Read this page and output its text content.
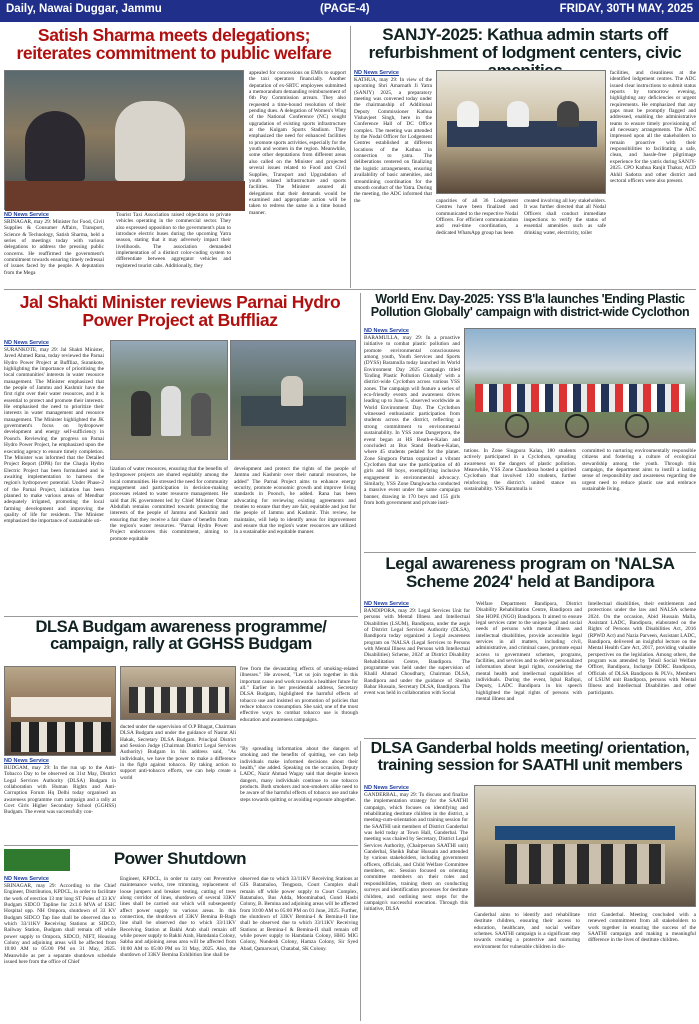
Daily, Nawai Duggar, Jammu	(PAGE-4)	FRIDAY, 30TH MAY, 2025
Satish Sharma meets delegations; reiterates commitment to public welfare
ND News Service
SRINAGAR, may 29: Minister for Food, Civil Supplies & Consumer Affairs, Transport, Science & Technology, Satish Sharma, held a series of meetings today with various delegations to address the pressing public concerns. He reaffirmed the government's commitment towards ensuring timely redressal of issues faced by the people. A deputation from the Mega
Tourist Taxi Association raised objections to private vehicles operating in the commercial sector. They also expressed opposition to the government's plan to introduce electric buses during the upcoming Yatra season, stating that it may adversely impact their livelihoods. The association demanded implementation of a distinct color-coding system to differentiate between aggregator vehicles and registered tourist cabs. Additionally, they
appealed for concessions on EMIs to support the taxi operators financially. Another deputation of ex-SRTC employees submitted a memorandum demanding reimbursement of 6th Pay Commission arrears. They also requested a time-bound resolution of their pending dues. A delegation of Women's Wing of the National Conference (NC) sought upgradation of existing sports infrastructure at the Kulgam Sports Stadium. They emphasized the need for enhanced facilities to promote sports activities, especially for the youth and women in the region. Meanwhile, some other deputations from different areas also called on the Minister and projected several issues related to Food and Civil Supplies, Transport and Upgradation of youth related infrastructure and sports facilities. The Minister assured all delegations that their demands would be examined and appropriate action will be taken to redress the same in a time bound manner.
SANJY-2025: Kathua admin starts off refurbishment of lodgment centers, civic
ND News Service
KATHUA, may 29: In view of the upcoming Shri Amarnath Ji Yatra (SANJY) 2025, a preparatory meeting was convened today under the chairmanship of Additional Deputy Commissioner Kathua Vishavjeet Singh, here in the Conference Hall of DC Office complex. The meeting was attended by the Nodal Officer for Lodgement Centres established at different locations of the Kathua in connection to yatra. The deliberations centered on finalizing the logistic arrangements, ensuring availability of basic amenities, and streamlining coordination for the smooth conduct of the Yatra. During the meeting, the ADC informed that the	capacities of all 36 Lodgement Centres have been finalized and communicated to the respective Nodal Officers. For efficient communication and real-time coordination, a dedicated WhatsApp group has been
created involving all key stakeholders. It was further directed that all Nodal Officers shall conduct immediate inspections to verify the status of essential amenities such as safe drinking water, electricity, toilet
facilities, and cleanliness at the identified lodgement centres. The ADC issued clear instructions to submit status reports by tomorrow evening, highlighting any deficiencies or urgent requirements. He emphasized that any gaps must be promptly flagged and addressed, enabling the administrative teams to ensure timely provisioning of all necessary arrangements. The ADC impressed upon all the stakeholders to remain proactive with their responsibilities to facilitating a safe, clean, and hassle-free pilgrimage experience for the yatris during SANJY-2025. CPO Kathua Ranjit Thakur, ACD Akhil Sadotra and other district and sectoral officers were also present.
Jal Shakti Minister reviews Parnai Hydro Power Project at Buffliaz
ND News Service
SURANKOTE, may 29: Jal Shakti Minister, Javed Ahmed Rana, today reviewed the Parnai Hydro Power Project at Buffliaz, Surankote, highlighting the importance of prioritising the local communities' interests in water resource management. The Minister emphasized that the people of Jammu and Kashmir have the first right over their water resources, and it is essential to protect and promote their interests. He emphasised the need to prioritize their interests in water management and resource management. The Minister highlighted the JK government's focus on hydropower development and energy self-sufficiency in Poonch. Reviewing the progress on Parnai Hydro Power Project, he emphasized upon the executing agency to ensure timely completion. The Minister was informed that the Detailed Project Report (DPR) for the Chaqla Hydro Electric Project has been formulated and is awaiting implementation to harness the region's hydropower potential. Under Phase-2 of the Parnai Project, initiation has been planned to make various areas of Mendhar adequately irrigated, promoting the local farming development and improving the quality of life for residents. The Minister emphasized the importance of sustainable uti-
lization of water resources, ensuring that the benefits of hydropower projects are shared equitably among the local communities. He stressed the need for community engagement and participation in decision-making processes related to water resource management. He said that JK government led by Chief Minister Omar Abdullah remains committed towards protecting the interests of the people of Jammu and Kashmir and ensuring that they receive a fair share of benefits from the region's water resources. "Parnai Hydro Power Project underscores this commitment, aiming to promote equitable
development and protect the rights of the people of Jammu and Kashmir over their natural resources, he added" The Parnai Project aims to enhance energy security, promote economic growth and improve living standards in Poonch, he added. Rana has been advocating for reviewing existing agreements and treaties to ensure that they are fair, equitable and just for the people of Jammu and Kashmir. This review, he maintains, will help to identify areas for improvement and ensure that the region's water resources are utilized in a sustainable and equitable manner.
World Env. Day-2025: YSS B'la launches 'Ending Plastic Pollution Globally' campaign with district-wide Cyclothon
ND News Service
BARAMULLA, may 29: In a proactive initiative to combat plastic pollution and promote environmental consciousness among youth, Youth Services and Sports (DYSS) Baramulla today launched its World Environment Day 2025 campaign titled 'Ending Plastic Pollution Globally' with a district-wide Cyclothon across various YSS zones. The campaign will feature a series of eco-friendly events and awareness drives leading up to June 5, observed worldwide as World Environment Day. The Cyclothon witnessed enthusiastic participation from students across the district, reflecting a strong commitment to environmental sustainability. In YSS zone Dangerpora, the event began at HS Beath-e-Kalan and concluded at Bus Stand Beath-e-Kalan, where 45 students pedaled for the planet. Zone Singpora Pattan organized a vibrant Cyclothon that saw the participation of 40 girls and 80 boys, exemplifying inclusive engagement in environmental advocacy. Similarly, YSS Zone Dangiwacha conducted a massive event under the same campaign banner, drawing in 170 boys and 155 girls from both government and private insti-
tutions. In Zone Singpora Kalan, 180 students actively participated in a Cyclothon, spreading awareness on the dangers of plastic pollution. Meanwhile, YSS Zone Chandoosa hosted a spirited Cyclothon that involved 130 students, further reinforcing the district's united stance on sustainability. YSS Baramulla is
committed to nurturing environmentally responsible citizens and fostering a culture of ecological stewardship among the youth. Through this campaign, the department aims to instill a lasting sense of responsibility and awareness regarding the urgent need to reduce plastic use and embrace sustainable living.
Legal awareness program on 'NALSA Scheme 2024' held at Bandipora
ND News Service
BANDIPORA, may 29: Legal Services Unit for persons with Mental Illness and Intellectual Disabilities (LSUM), Bandipora, under the aegis of District Legal Services Authority (DLSA), Bandipora today organized a Legal awareness program on 'NALSA (Legal Services to Persons with Mental Illness and Persons with Intellectual Disabilities) Scheme, 2024' at District Disability Rehabilitation Centre, Bandipora. The programme was held under the supervision of Khalil Ahmad Choudhary, Chairman DLSA, Bandipora and under the guidance of Sheikh Babar Hussain, Secretary DLSA, Bandipora. The event was held in collaboration with Social
Welfare Department Bandipora, District Disability Rehabilitation Centre, Bandipora and She HOPE (NGO) Bandipora. It aimed to ensure legal services cater to the unique legal and social needs of persons with mental illness and intellectual disabilities, provide accessible legal services in all matters, including civil, administrative, and criminal cases, promote equal access to government schemes, programs, facilities, and services and to deliver personalized information about legal rights, considering the mental health and intellectual capabilities of individuals. During the event, Iqbal Rafiqui, Deputy, LADC Bandipora in his speech highlighted the legal rights of persons with mental illness and
Intellectual disabilities, their entitlements and protections under the law and NALSA scheme 2024. On the occasion, Abid Hussain Malla, Assistant LADC, Bandipora, elaborated on the Rights of Persons with Disabilities Act, 2016 (RPWD Act) and Nazia Parveen, Assistant LADC, Bandipora, delivered an insightful lecture on the Mental Health Care Act, 2017, providing valuable perspectives on the legislation. Among others, the program was attended by Tehsil Social Welfare Officer, Bandipora, Incharge DDRC Bandipora, Officials of DLSA Bandipora & PLVs, Members of LSUM unit Bandipora, persons with Mental Illness and Intellectual Disabilities and other participants.
DLSA Budgam awareness programme/ campaign, rally at GGHSS Budgam
ND News Service
BUDGAM, may 29: In the run up to the Anti-Tobacco Day to be observed on 31st May, District Legal Services Authority (DLSA) Budgam in collaboration with Human Rights and Anti-Corruption Forum Hq Delhi today organised an awareness programme cum campaign and a rally at Govt Girls Higher Secondary School (GGHSS) Budgam. The event was successfully con-
ducted under the supervision of O.P Bhagat, Chairman DLSA Budgam and under the guidance of Nasrat Ali Hakak, Secretary DLSA Budgam. Principal District and Session Judge (Chairman District Legal Services Authority) Budgam in his address said, "As individuals, we have the power to make a difference in the fight against tobacco. By taking action to support anti-tobacco efforts, we can help create a world
free from the devastating effects of smoking-related illnesses." He avowed, "Let us join together in this important cause and work towards a healthier future for all." Earlier in her presidential address, Secretary DLSA Budgam, highlighted the harmful effects of tobacco use and insisted on promotion of policies that reduce tobacco consumption. She said, one of the most effective ways to combat tobacco use is through education and awareness campaigns.
"By spreading information about the dangers of smoking and the benefits of quitting, we can help individuals make informed decisions about their health," she added. Speaking on the occasion, Deputy LADC, Nazir Ahmad Wagay said that despite known dangers, many individuals continue to use tobacco products. Both smokers and non-smokers alike need to be aware of the harmful effects of tobacco use and take steps towards quitting or avoiding exposure altogether.
DLSA Ganderbal holds meeting/ orientation, training session for SAATHI unit members
ND News Service
GANDERBAL, may 29: To discuss and finalize the implementation strategy for the SAATHI campaign, which focuses on identifying and rehabilitating destitute children in the district, a meeting-cum-orientation and training session for the SAATHI unit members of District Ganderbal was held today at Town Hall, Ganderbal. The meeting was chaired by Secretary, District Legal Services Authority, (Chairperson SAATHI unit) Ganderbal, Sheikh Babar Hussain and attended by various stakeholders, including government officers, officials, and Child Welfare Committee members, etc. Session focused on orienting committee members on their roles and responsibilities, training them on conducting surveys and identification processes for destitute children, and outlining next steps for the campaign's successful execution. Through this initiative, DLSA
Ganderbal aims to identify and rehabilitate destitute children, ensuring their access to education, healthcare, and social welfare schemes. SAATHI campaign is a significant step towards creating a protective and nurturing environment for vulnerable children in dis-
trict Ganderbal. Meeting concluded with a renewed commitment from all stakeholders to work together in ensuring the success of the SAATHI campaign and making a meaningful difference in the lives of destitute children.
Power Shutdown
ND News Service
SRINAGAR, may 29: According to the Chief Engineer, Distribution, KPDCL, in order to facilitate the work of erection 13 mtr long ST Poles of 33 KV Budgam SIDCO Tapline for 2x1.6 MVA of ESIC Hospital opp. NH Ompora, shutdown of 33 KV Budgam SIDCO Tap line shall be observed due to which 33/11KV Receiving Stations at SIDCO, Railway Station, Budgam shall remain off while power supply to Ompora, SIDCO, NIFT, Housing Colony and adjoining areas will be affected from 10:00 AM to 05:00 PM on 31 May, 2025. Meanwhile as per a separate shutdown schedule issued here from the office of Chief
Engineer, KPDCL, in order to carry out Preventive maintenance works, tree trimming, replacement of loose jumpers and breaker testing, cutting of trees along corridor of lines, shutdown of several 33KV lines shall be carried out which will subsequently affect power supply to various areas. In this connection, the shutdown of 33KV Bemina B-Bagh line shall be observed due to which 33/11KV Receiving Station at Bakhi Arab shall remain off while power supply to Bakhi Arab, Hamdania Colony, Sabha and adjoining areas area will be affected from 10:00 AM to 05:00 PM on 31 May, 2025. Also, the shutdown of 33KV Bemina Exhibition line shall be
observed due to which 33/11KV Receiving Stations at GIS Batamaloo, Tengpora, Court Complex shall remain off while power supply to Court Complex, Batamaloo, Bus Adda, Moominabad, Gund Hasbi Colony, B. Bemina and adjoining areas will be affected from 10:00 AM to 05:00 PM on 01 June, 2025. Further, the shutdown of 33KV Bemina-I & Bemina-II line shall be observed due to which 33/11KV Receiving Stations at Bemina-I & Bemina-II shall remain off while power supply to Hamdania Colony, HHG MIG Colony, Nundesh Colony, Hamza Colony, Sir Syed Abad, Qamarwari, Chatabal, SK Colony.
